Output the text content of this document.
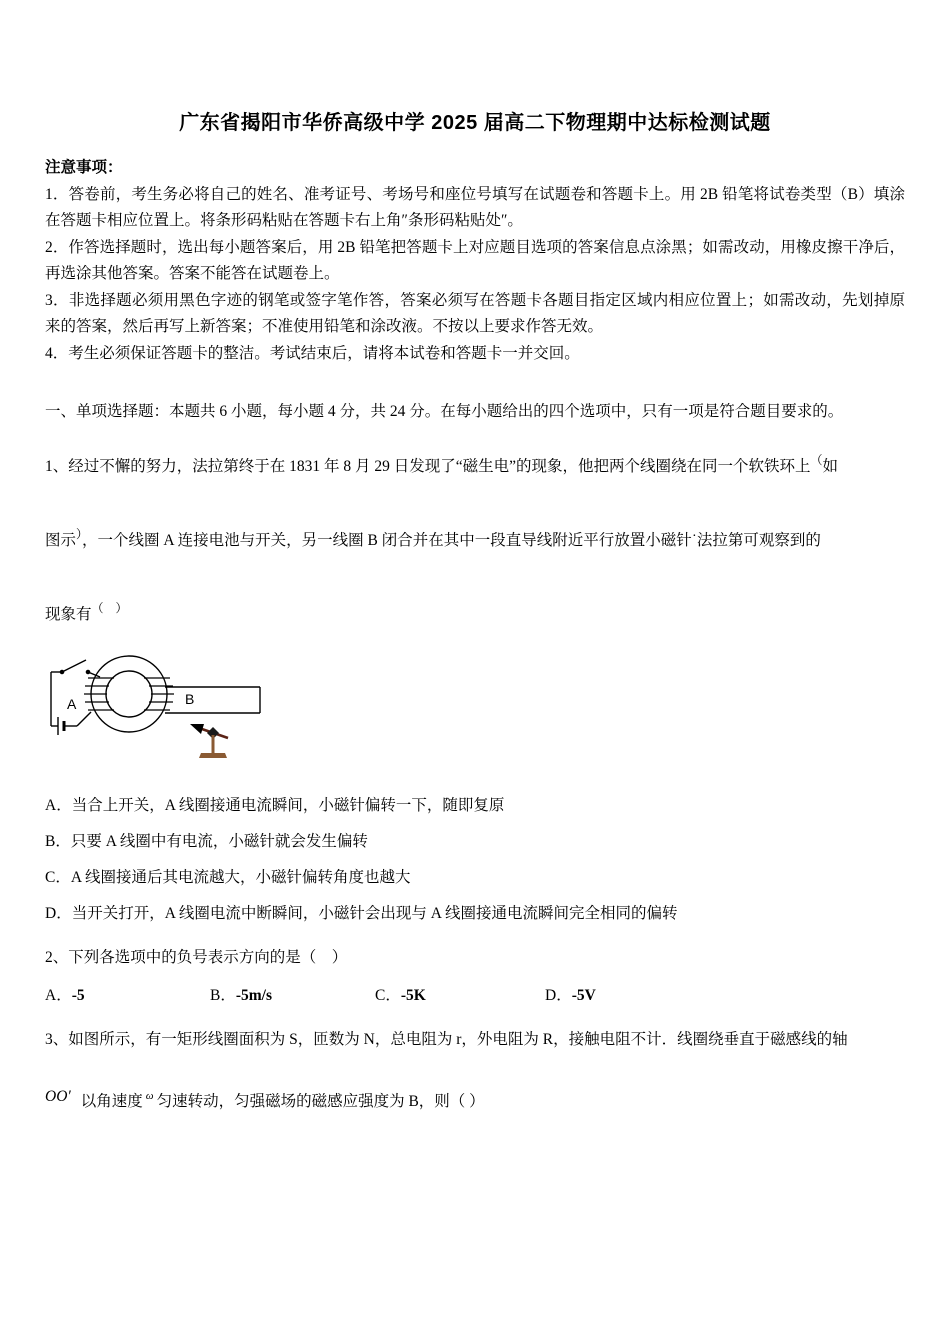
广东省揭阳市华侨高级中学 2025 届高二下物理期中达标检测试题

注意事项：

1．答卷前，考生务必将自己的姓名、准考证号、考场号和座位号填写在试题卷和答题卡上。用 2B 铅笔将试卷类型（B）填涂在答题卡相应位置上。将条形码粘贴在答题卡右上角″条形码粘贴处″。

2．作答选择题时，选出每小题答案后，用 2B 铅笔把答题卡上对应题目选项的答案信息点涂黑；如需改动，用橡皮擦干净后，再选涂其他答案。答案不能答在试题卷上。

3．非选择题必须用黑色字迹的钢笔或签字笔作答，答案必须写在答题卡各题目指定区域内相应位置上；如需改动，先划掉原来的答案，然后再写上新答案；不准使用铅笔和涂改液。不按以上要求作答无效。

4．考生必须保证答题卡的整洁。考试结束后，请将本试卷和答题卡一并交回。

一、单项选择题：本题共 6 小题，每小题 4 分，共 24 分。在每小题给出的四个选项中，只有一项是符合题目要求的。

1、经过不懈的努力，法拉第终于在 1831 年 8 月 29 日发现了“磁生电”的现象，他把两个线圈绕在同一个软铁环上（如

图示），一个线圈 A 连接电池与开关，另一线圈 B 闭合并在其中一段直导线附近平行放置小磁针˙法拉第可观察到的

现象有（　）

A	B

A．当合上开关，A 线圈接通电流瞬间，小磁针偏转一下，随即复原

B．只要 A 线圈中有电流，小磁针就会发生偏转

C．A 线圈接通后其电流越大，小磁针偏转角度也越大

D．当开关打开，A 线圈电流中断瞬间，小磁针会出现与 A 线圈接通电流瞬间完全相同的偏转

2、下列各选项中的负号表示方向的是（　）

A．-5	B．-5m/s	C．-5K	D．-5V

3、如图所示，有一矩形线圈面积为 S，匝数为 N，总电阻为 r，外电阻为 R，接触电阻不计．线圈绕垂直于磁感线的轴

OO′ 以角速度 $^\omega$ 匀速转动，匀强磁场的磁感应强度为 B，则（ ）
